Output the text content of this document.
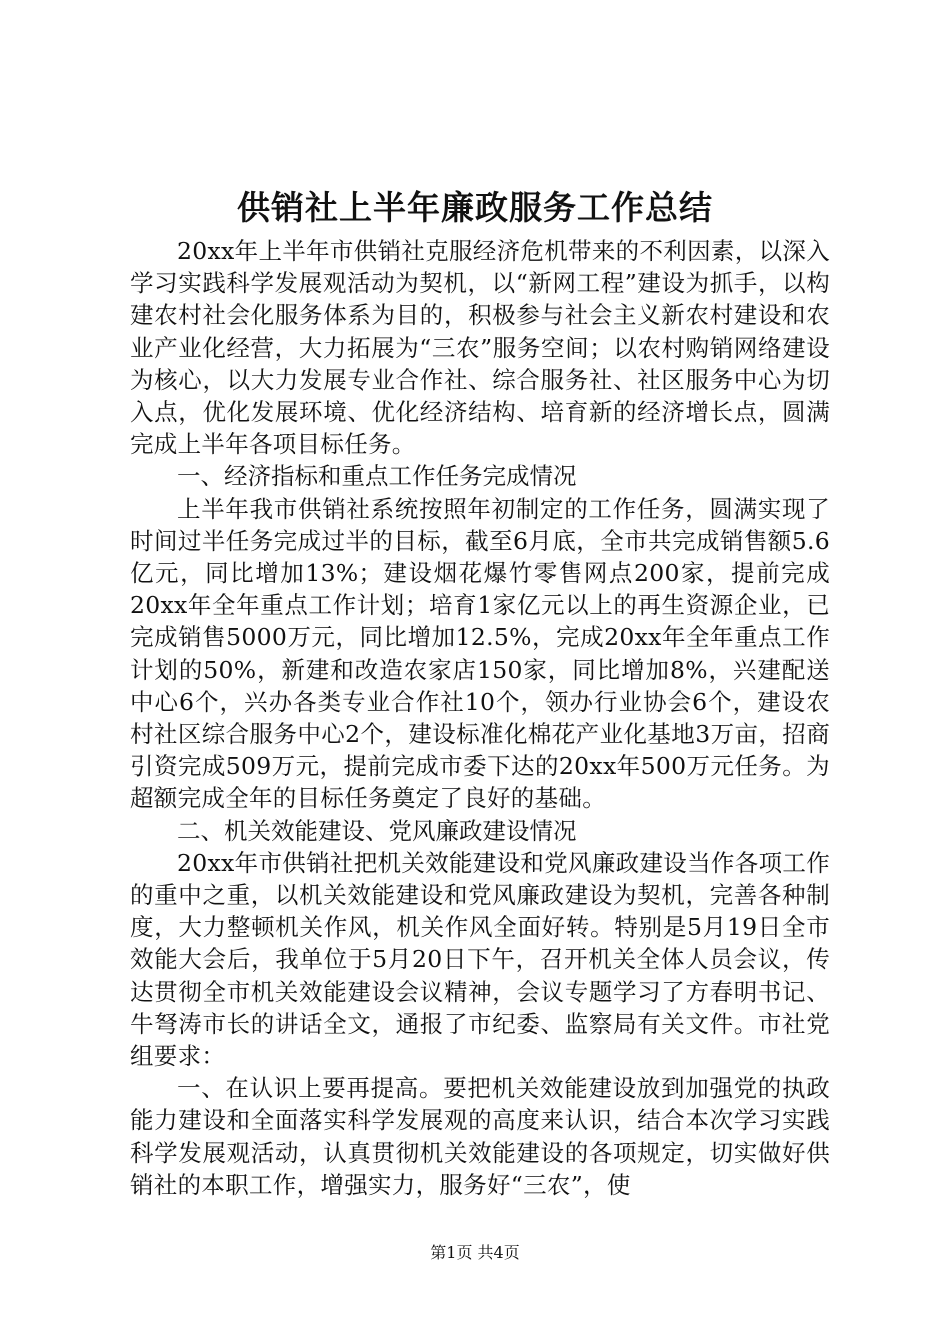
供销社上半年廉政服务工作总结

20xx年上半年市供销社克服经济危机带来的不利因素，以深入学习实践科学发展观活动为契机，以“新网工程”建设为抓手，以构建农村社会化服务体系为目的，积极参与社会主义新农村建设和农业产业化经营，大力拓展为“三农”服务空间；以农村购销网络建设为核心，以大力发展专业合作社、综合服务社、社区服务中心为切入点，优化发展环境、优化经济结构、培育新的经济增长点，圆满完成上半年各项目标任务。

一、经济指标和重点工作任务完成情况

上半年我市供销社系统按照年初制定的工作任务，圆满实现了时间过半任务完成过半的目标，截至6月底，全市共完成销售额5.6亿元，同比增加13%；建设烟花爆竹零售网点200家，提前完成20xx年全年重点工作计划；培育1家亿元以上的再生资源企业，已完成销售5000万元，同比增加12.5%，完成20xx年全年重点工作计划的50%，新建和改造农家店150家，同比增加8%，兴建配送中心6个，兴办各类专业合作社10个，领办行业协会6个，建设农村社区综合服务中心2个，建设标准化棉花产业化基地3万亩，招商引资完成509万元，提前完成市委下达的20xx年500万元任务。为超额完成全年的目标任务奠定了良好的基础。

二、机关效能建设、党风廉政建设情况

20xx年市供销社把机关效能建设和党风廉政建设当作各项工作的重中之重，以机关效能建设和党风廉政建设为契机，完善各种制度，大力整顿机关作风，机关作风全面好转。特别是5月19日全市效能大会后，我单位于5月20日下午，召开机关全体人员会议，传达贯彻全市机关效能建设会议精神，会议专题学习了方春明书记、牛弩涛市长的讲话全文，通报了市纪委、监察局有关文件。市社党组要求：

一、在认识上要再提高。要把机关效能建设放到加强党的执政能力建设和全面落实科学发展观的高度来认识，结合本次学习实践科学发展观活动，认真贯彻机关效能建设的各项规定，切实做好供销社的本职工作，增强实力，服务好“三农”，使

第1页 共4页
